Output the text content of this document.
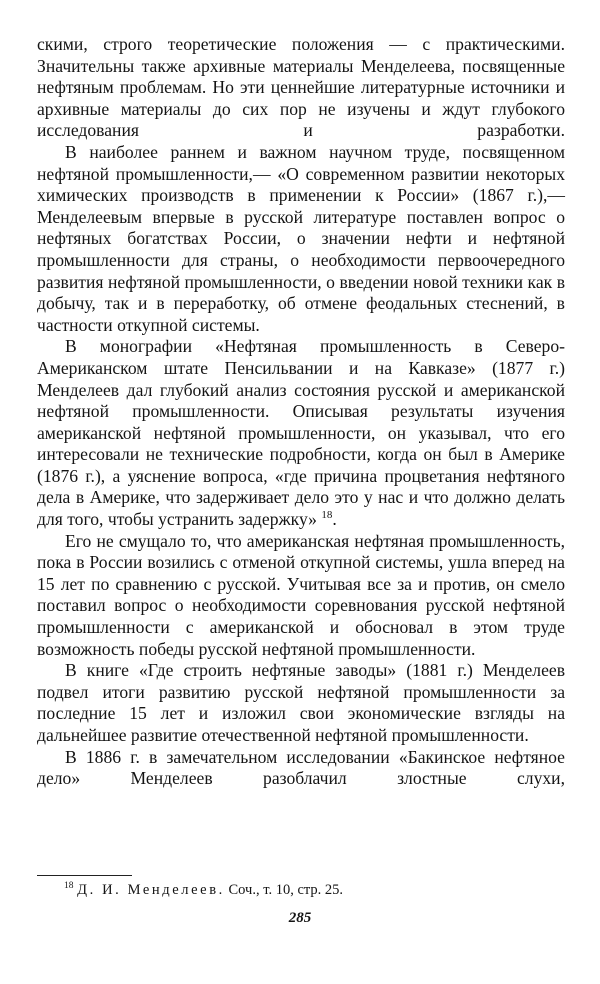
скими, строго теоретические положения — с практическими. Значительны также архивные материалы Менделеева, посвященные нефтяным проблемам. Но эти ценнейшие литературные источники и архивные материалы до сих пор не изучены и ждут глубокого исследования и разработки.

В наиболее раннем и важном научном труде, посвященном нефтяной промышленности,— «О современном развитии некоторых химических производств в применении к России» (1867 г.),— Менделеевым впервые в русской литературе поставлен вопрос о нефтяных богатствах России, о значении нефти и нефтяной промышленности для страны, о необходимости первоочередного развития нефтяной промышленности, о введении новой техники как в добычу, так и в переработку, об отмене феодальных стеснений, в частности откупной системы.

В монографии «Нефтяная промышленность в Северо-Американском штате Пенсильвании и на Кавказе» (1877 г.) Менделеев дал глубокий анализ состояния русской и американской нефтяной промышленности. Описывая результаты изучения американской нефтяной промышленности, он указывал, что его интересовали не технические подробности, когда он был в Америке (1876 г.), а уяснение вопроса, «где причина процветания нефтяного дела в Америке, что задерживает дело это у нас и что должно делать для того, чтобы устранить задержку» $^{18}$.

Его не смущало то, что американская нефтяная промышленность, пока в России возились с отменой откупной системы, ушла вперед на 15 лет по сравнению с русской. Учитывая все за и против, он смело поставил вопрос о необходимости соревнования русской нефтяной промышленности с американской и обосновал в этом труде возможность победы русской нефтяной промышленности.

В книге «Где строить нефтяные заводы» (1881 г.) Менделеев подвел итоги развитию русской нефтяной промышленности за последние 15 лет и изложил свои экономические взгляды на дальнейшее развитие отечественной нефтяной промышленности.

В 1886 г. в замечательном исследовании «Бакинское нефтяное дело» Менделеев разоблачил злостные слухи,

$^{18}$ Д. И. Менделеев. Соч., т. 10, стр. 25.
285
